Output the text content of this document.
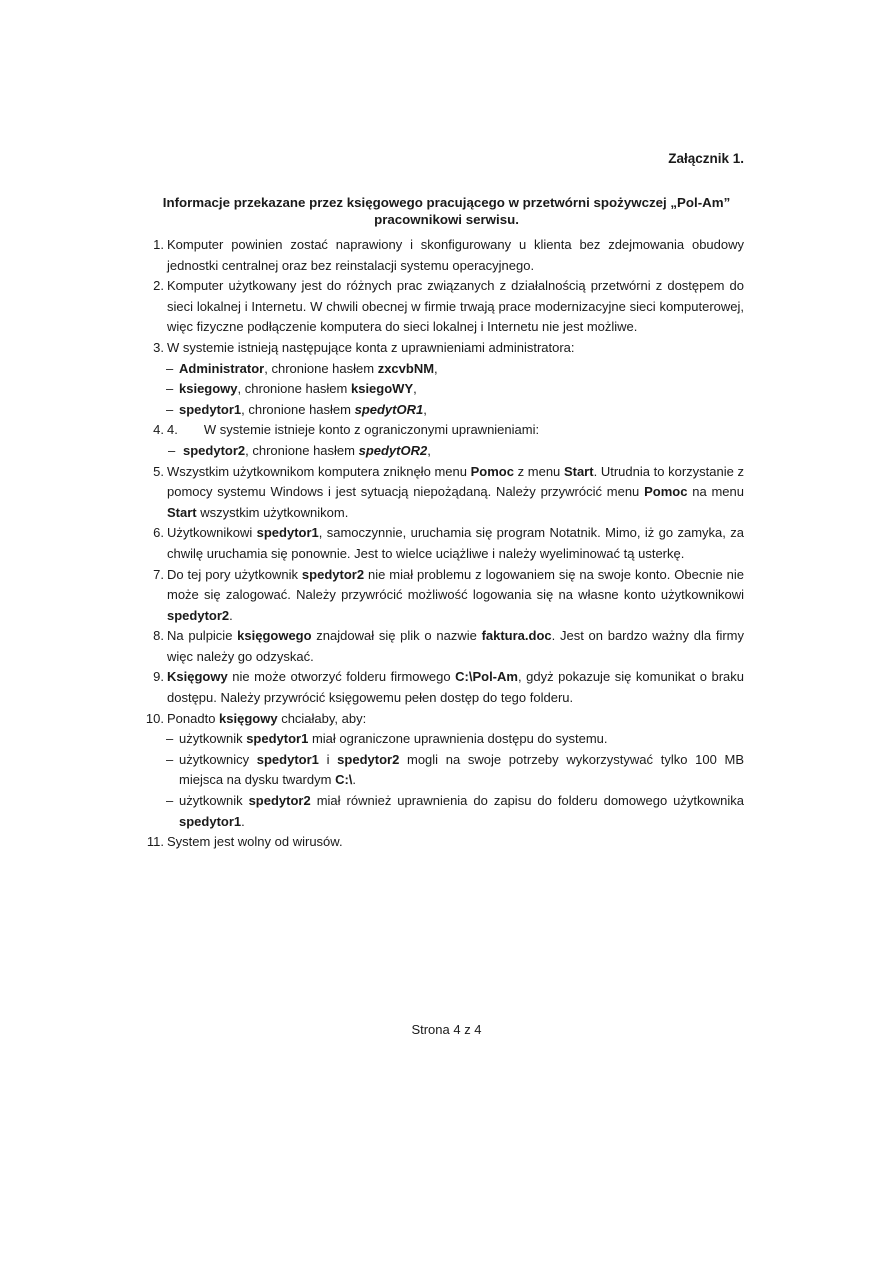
Załącznik 1.
Informacje przekazane przez księgowego pracującego w przetwórni spożywczej „Pol-Am”
pracownikowi serwisu.
1. Komputer powinien zostać naprawiony i skonfigurowany u klienta bez zdejmowania obudowy jednostki centralnej oraz bez reinstalacji systemu operacyjnego.
2. Komputer użytkowany jest do różnych prac związanych z działalnością przetwórni z dostępem do sieci lokalnej i Internetu. W chwili obecnej w firmie trwają prace modernizacyjne sieci komputerowej, więc fizyczne podłączenie komputera do sieci lokalnej i Internetu nie jest możliwe.
3. W systemie istnieją następujące konta z uprawnieniami administratora:
– Administrator, chronione hasłem zxcvbNM,
– ksiegowy, chronione hasłem ksiegoWY,
– spedytor1, chronione hasłem spedytOR1,
4. 4. W systemie istnieje konto z ograniczonymi uprawnieniami:
– spedytor2, chronione hasłem spedytOR2,
5. Wszystkim użytkownikom komputera zniknęło menu Pomoc z menu Start. Utrudnia to korzystanie z pomocy systemu Windows i jest sytuacją niepożądaną. Należy przywrócić menu Pomoc na menu Start wszystkim użytkownikom.
6. Użytkownikowi spedytor1, samoczynnie, uruchamia się program Notatnik. Mimo, iż go zamyka, za chwilę uruchamia się ponownie. Jest to wielce uciążliwe i należy wyeliminować tą usterkę.
7. Do tej pory użytkownik spedytor2 nie miał problemu z logowaniem się na swoje konto. Obecnie nie może się zalogować. Należy przywrócić możliwość logowania się na własne konto użytkownikowi spedytor2.
8. Na pulpicie księgowego znajdował się plik o nazwie faktura.doc. Jest on bardzo ważny dla firmy więc należy go odzyskać.
9. Księgowy nie może otworzyć folderu firmowego C:\Pol-Am, gdyż pokazuje się komunikat o braku dostępu. Należy przywrócić księgowemu pełen dostęp do tego folderu.
10. Ponadto księgowy chciałaby, aby:
– użytkownik spedytor1 miał ograniczone uprawnienia dostępu do systemu.
– użytkownicy spedytor1 i spedytor2 mogli na swoje potrzeby wykorzystywać tylko 100 MB miejsca na dysku twardym C:\.
– użytkownik spedytor2 miał również uprawnienia do zapisu do folderu domowego użytkownika spedytor1.
11. System jest wolny od wirusów.
Strona 4 z 4
